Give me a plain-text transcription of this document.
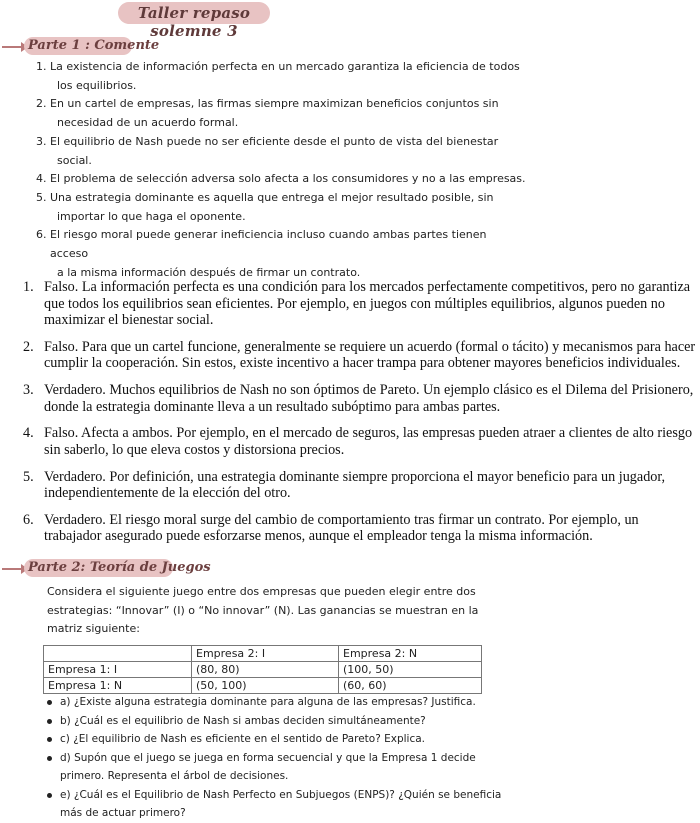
Taller repaso solemne 3
Parte 1 : Comente
1. La existencia de información perfecta en un mercado garantiza la eficiencia de todos
los equilibrios.
2. En un cartel de empresas, las firmas siempre maximizan beneficios conjuntos sin
necesidad de un acuerdo formal.
3. El equilibrio de Nash puede no ser eficiente desde el punto de vista del bienestar
social.
4. El problema de selección adversa solo afecta a los consumidores y no a las empresas.
5. Una estrategia dominante es aquella que entrega el mejor resultado posible, sin
importar lo que haga el oponente.
6. El riesgo moral puede generar ineficiencia incluso cuando ambas partes tienen acceso
a la misma información después de firmar un contrato.
1. Falso. La información perfecta es una condición para los mercados perfectamente competitivos, pero no garantiza que todos los equilibrios sean eficientes. Por ejemplo, en juegos con múltiples equilibrios, algunos pueden no maximizar el bienestar social.
2. Falso. Para que un cartel funcione, generalmente se requiere un acuerdo (formal o tácito) y mecanismos para hacer cumplir la cooperación. Sin estos, existe incentivo a hacer trampa para obtener mayores beneficios individuales.
3. Verdadero. Muchos equilibrios de Nash no son óptimos de Pareto. Un ejemplo clásico es el Dilema del Prisionero, donde la estrategia dominante lleva a un resultado subóptimo para ambas partes.
4. Falso. Afecta a ambos. Por ejemplo, en el mercado de seguros, las empresas pueden atraer a clientes de alto riesgo sin saberlo, lo que eleva costos y distorsiona precios.
5. Verdadero. Por definición, una estrategia dominante siempre proporciona el mayor beneficio para un jugador, independientemente de la elección del otro.
6. Verdadero. El riesgo moral surge del cambio de comportamiento tras firmar un contrato. Por ejemplo, un trabajador asegurado puede esforzarse menos, aunque el empleador tenga la misma información.
Parte 2: Teoría de Juegos
Considera el siguiente juego entre dos empresas que pueden elegir entre dos estrategias: “Innovar” (I) o “No innovar” (N). Las ganancias se muestran en la matriz siguiente:
	Empresa 2: I	Empresa 2: N
Empresa 1: I	(80, 80)	(100, 50)
Empresa 1: N	(50, 100)	(60, 60)
a) ¿Existe alguna estrategia dominante para alguna de las empresas? Justifica.
b) ¿Cuál es el equilibrio de Nash si ambas deciden simultáneamente?
c) ¿El equilibrio de Nash es eficiente en el sentido de Pareto? Explica.
d) Supón que el juego se juega en forma secuencial y que la Empresa 1 decide
primero. Representa el árbol de decisiones.
e) ¿Cuál es el Equilibrio de Nash Perfecto en Subjuegos (ENPS)? ¿Quién se beneficia
más de actuar primero?
